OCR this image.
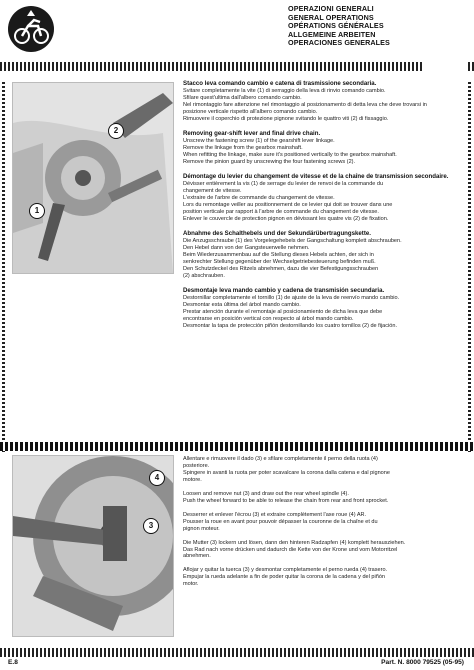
OPERAZIONI GENERALI
GENERAL OPERATIONS
OPÉRATIONS GÉNÉRALES
ALLGEMEINE ARBEITEN
OPERACIONES GENERALES
2
1
Stacco leva comando cambio e catena di trasmissione secondaria.

Svitare completamente la vite (1) di serraggio della leva di rinvio comando cambio.
Sfilare quest'ultima dall'albero comando cambio.
Nel rimontaggio fare attenzione nel rimontaggio al posizionamento di detta leva che deve trovarsi in
posizione verticale rispetto all'albero comando cambio.
Rimuovere il coperchio di protezione pignone svitando le quattro viti (2) di fissaggio.

Removing gear-shift lever and final drive chain.

Unscrew the fastening screw (1) of the gearshift lever linkage.
Remove the linkage from the gearbox mainshaft.
When refitting the linkage, make sure it's positioned vertically to the gearbox mainshaft.
Remove the pinion guard by unscrewing the four fastening screws (2).

Démontage du levier du changement de vitesse et de la chaîne de transmission secondaire.

Dévisser entièrement la vis (1) de serrage du levier de renvoi de la commande du
changement de vitesse.
L'extraire de l'arbre de commande du changement de vitesse.
Lors du remontage veiller au positionnement de ce levier qui doit se trouver dans une
position verticale par rapport à l'arbre de commande du changement de vitesse.
Enlever le couvercle de protection pignon en dévissant les quatre vis (2) de fixation.

Abnahme des Schalthebels und der Sekundärübertragungskette.

Die Anzugsschraube (1) des Vorgelegehebels der Gangschaltung komplett abschrauben.
Den Hebel dann von der Gangsteuerwelle nehmen.
Beim Wiederzusammenbau auf die Stellung dieses Hebels achten, der sich in
senkrechter Stellung gegenüber der Wechselgetriebesteuerung befinden muß.
Den Schutzdeckel des Ritzels abnehmen, dazu die vier Befestigungsschrauben
(2) abschrauben.

Desmontaje leva mando cambio y cadena de transmisión secundaria.

Destornillar completamente el tornillo (1) de ajuste de la leva de reenvío mando cambio.
Desmontar esta última del árbol mando cambio.
Prestar atención durante el remontaje al posicionamiento de dicha leva que debe
encontrarse en posición vertical con respecto al árbol mando cambio.
Desmontar la tapa de protección piñón destornillando los cuatro tornillos (2) de fijación.

4
3

Allentare e rimuovere il dado (3) e sfilare completamente il perno della ruota (4)
posteriore.
Spingere in avanti la ruota per poter scavalcare la corona dalla catena e dal pignone
motore.

Loosen and remove nut (3) and draw out the rear wheel spindle (4).
Push the wheel forward to be able to release the chain from rear and front sprocket.

Desserrer et enlever l'écrou (3) et extraire complètement l'axe roue (4) AR.
Pousser la roue en avant pour pouvoir dépasser la couronne de la chaîne et du
pignon moteur.

Die Mutter (3) lockern und lösen, dann den hinteren Radzapfen (4) komplett herausziehen.
Das Rad nach vorne drücken und dadurch die Kette von der Krone und vom Motorritzel
abnehmen.

Aflojar y quitar la tuerca (3) y desmontar completamente el perno rueda (4) trasero.
Empujar la rueda adelante a fin de poder quitar la corona de la cadena y del piñón
motor.

E.8	Part. N. 8000 79525 (05-95)
